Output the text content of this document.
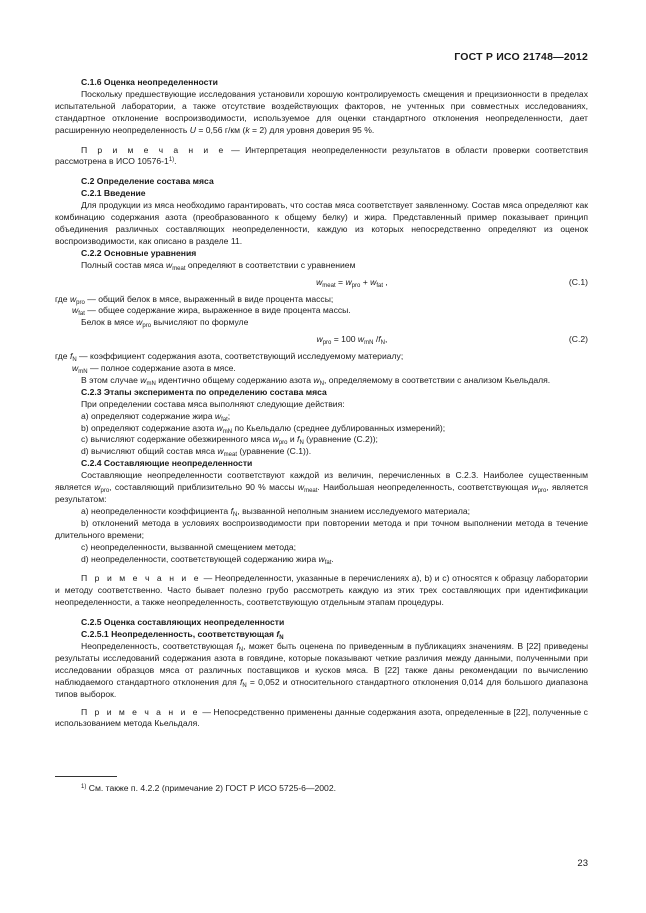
ГОСТ Р ИСО 21748—2012

С.1.6 Оценка неопределенности

Поскольку предшествующие исследования установили хорошую контролируемость смещения и прецизионности в пределах испытательной лаборатории, а также отсутствие воздействующих факторов, не учтенных при совместных исследованиях, стандартное отклонение воспроизводимости, используемое для оценки стандартного отклонения неопределенности, дает расширенную неопределенность U = 0,56 г/км (k = 2) для уровня доверия 95 %.

П р и м е ч а н и е — Интерпретация неопределенности результатов в области проверки соответствия рассмотрена в ИСО 10576-1$^{1)}$.

С.2 Определение состава мяса

С.2.1 Введение

Для продукции из мяса необходимо гарантировать, что состав мяса соответствует заявленному. Состав мяса определяют как комбинацию содержания азота (преобразованного к общему белку) и жира. Представленный пример показывает принцип объединения различных составляющих неопределенности, каждую из которых непосредственно определяют из оценок воспроизводимости, как описано в разделе 11.

С.2.2 Основные уравнения

Полный состав мяса $w_{meat}$ определяют в соответствии с уравнением

$w_{meat} = w_{pro} + w_{fat}$ ,	(С.1)

где $w_{pro}$ — общий белок в мясе, выраженный в виде процента массы;

$w_{fat}$ — общее содержание жира, выраженное в виде процента массы.

Белок в мясе $w_{pro}$ вычисляют по формуле

$w_{pro} = 100$ $w_{mN}$ $/f_N$,	(С.2)

где $f_N$ — коэффициент содержания азота, соответствующий исследуемому материалу;

$w_{mN}$ — полное содержание азота в мясе.

В этом случае $w_{mN}$ идентично общему содержанию азота $w_N$, определяемому в соответствии с анализом Кьельдаля.

С.2.3 Этапы эксперимента по определению состава мяса

При определении состава мяса выполняют следующие действия:

а) определяют содержание жира $w_{fat}$;

b) определяют содержание азота $w_{mN}$ по Кьельдалю (среднее дублированных измерений);

c) вычисляют содержание обезжиренного мяса $w_{pro}$ и $f_N$ (уравнение (С.2));

d) вычисляют общий состав мяса $w_{meat}$ (уравнение (С.1)).

С.2.4 Составляющие неопределенности

Составляющие неопределенности соответствуют каждой из величин, перечисленных в С.2.3. Наиболее существенным является $w_{pro}$, составляющий приблизительно 90 % массы $w_{meat}$. Наибольшая неопределенность, соответствующая $w_{pro}$, является результатом:

а) неопределенности коэффициента $f_N$, вызванной неполным знанием исследуемого материала;

b) отклонений метода в условиях воспроизводимости при повторении метода и при точном выполнении метода в течение длительного времени;

c) неопределенности, вызванной смещением метода;

d) неопределенности, соответствующей содержанию жира $w_{fat}$.

П р и м е ч а н и е — Неопределенности, указанные в перечислениях а), b) и c) относятся к образцу лаборатории и методу соответственно. Часто бывает полезно грубо рассмотреть каждую из этих трех составляющих при идентификации неопределенности, а также неопределенность, соответствующую отдельным этапам процедуры.

С.2.5 Оценка составляющих неопределенности

С.2.5.1 Неопределенность, соответствующая $f_N$

Неопределенность, соответствующая $f_N$, может быть оценена по приведенным в публикациях значениям. В [22] приведены результаты исследований содержания азота в говядине, которые показывают четкие различия между данными, полученными при исследовании образцов мяса от различных поставщиков и кусков мяса. В [22] также даны рекомендации по вычислению наблюдаемого стандартного отклонения для $f_N = 0,052$ и относительного стандартного отклонения 0,014 для большого диапазона типов выборок.

П р и м е ч а н и е — Непосредственно применены данные содержания азота, определенные в [22], полученные с использованием метода Кьельдаля.

$^{1)}$ См. также п. 4.2.2 (примечание 2) ГОСТ Р ИСО 5725-6—2002.
23
